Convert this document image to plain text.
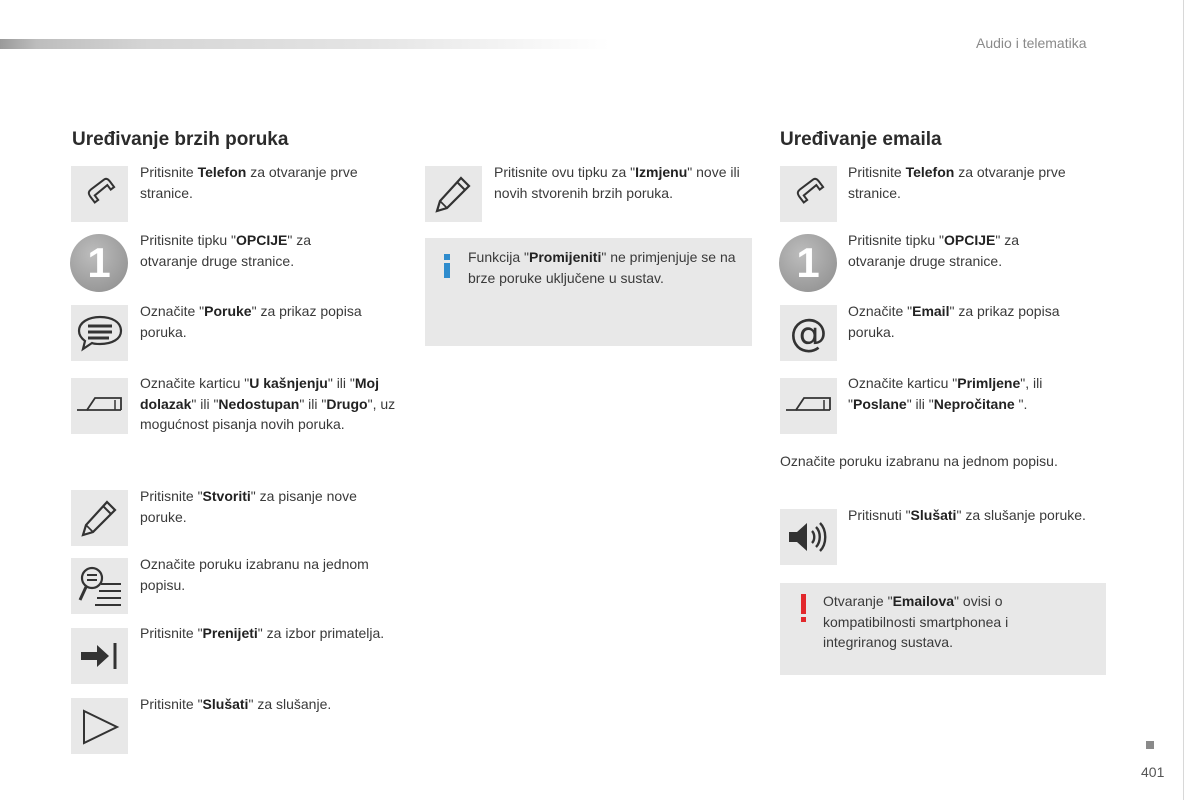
Audio i telematika
Uređivanje brzih poruka
Pritisnite Telefon za otvaranje prve stranice.
1	Pritisnite tipku "OPCIJE" za otvaranje druge stranice.
Označite "Poruke" za prikaz popisa poruka.
Označite karticu "U kašnjenju" ili "Moj dolazak" ili "Nedostupan" ili "Drugo", uz mogućnost pisanja novih poruka.
Pritisnite "Stvoriti" za pisanje nove poruke.
Označite poruku izabranu na jednom popisu.
Pritisnite "Prenijeti" za izbor primatelja.
Pritisnite "Slušati" za slušanje.
Pritisnite ovu tipku za "Izmjenu" nove ili novih stvorenih brzih poruka.
Funkcija "Promijeniti" ne primjenjuje se na brze poruke uključene u sustav.
Uređivanje emaila
Pritisnite Telefon za otvaranje prve stranice.
1	Pritisnite tipku "OPCIJE" za otvaranje druge stranice.
@ Označite "Email" za prikaz popisa poruka.
Označite karticu "Primljene", ili "Poslane" ili "Nepročitane ".
Označite poruku izabranu na jednom popisu.
Pritisnuti "Slušati" za slušanje poruke.
Otvaranje "Emailova" ovisi o kompatibilnosti smartphonea i integriranog sustava.
401
